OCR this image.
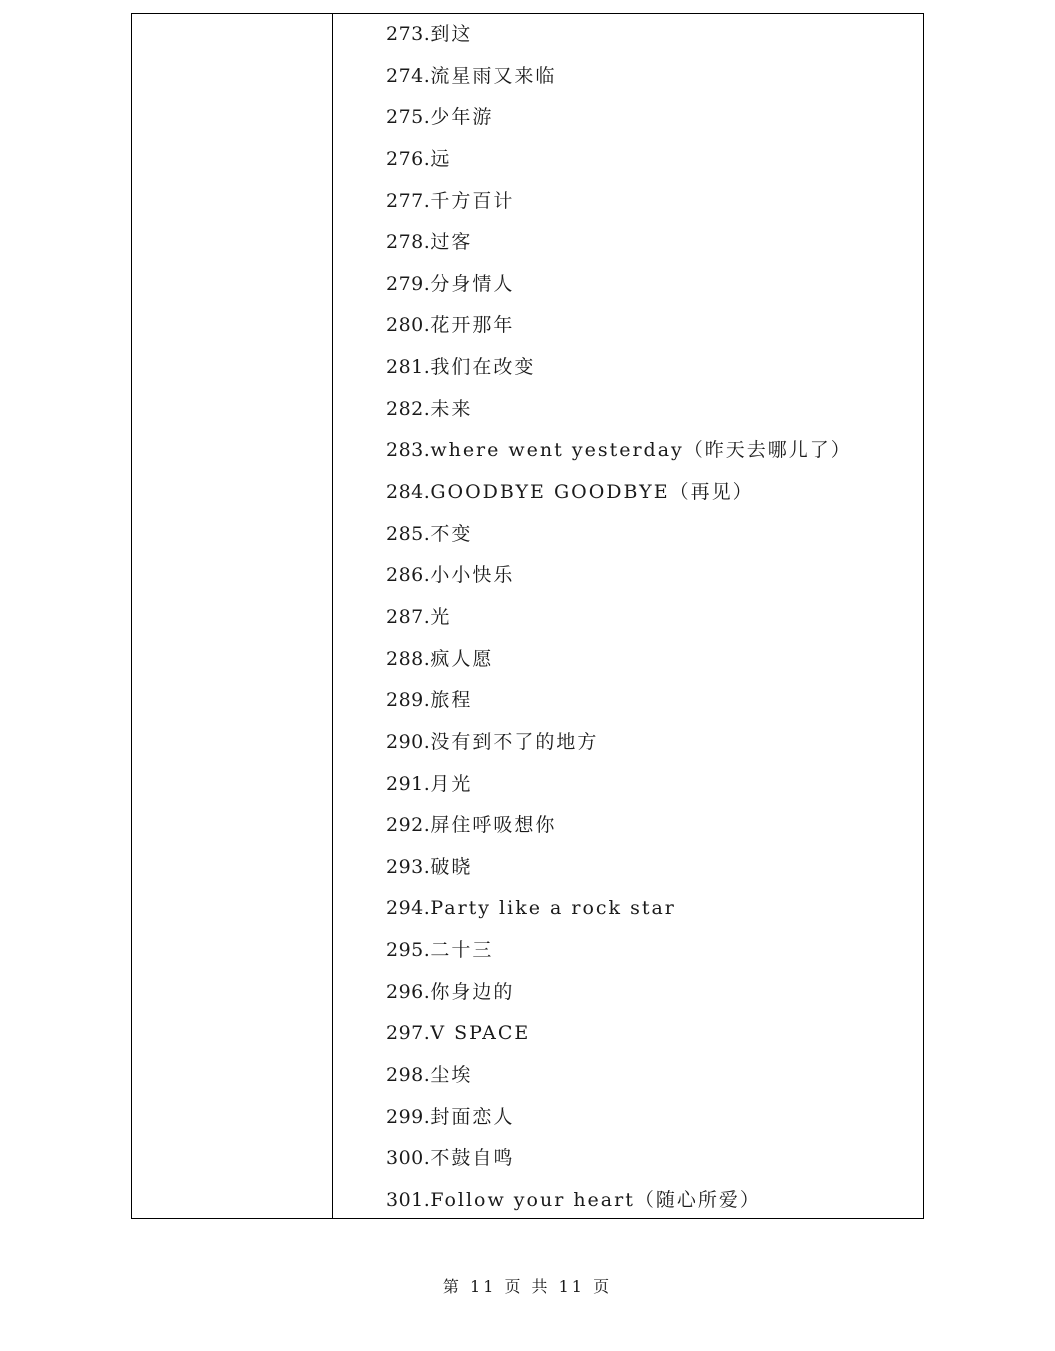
273.到这
274.流星雨又来临
275.少年游
276.远
277.千方百计
278.过客
279.分身情人
280.花开那年
281.我们在改变
282.未来
283.where went yesterday（昨天去哪儿了）
284.GOODBYE GOODBYE（再见）
285.不变
286.小小快乐
287.光
288.疯人愿
289.旅程
290.没有到不了的地方
291.月光
292.屏住呼吸想你
293.破晓
294.Party like a rock star
295.二十三
296.你身边的
297.V SPACE
298.尘埃
299.封面恋人
300.不鼓自鸣
301.Follow your heart（随心所爱）
第 11 页 共 11 页
